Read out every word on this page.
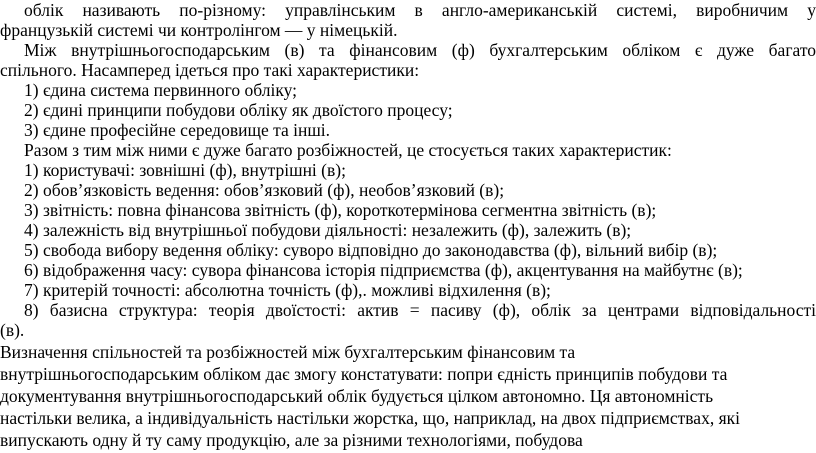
облік називають по-різному: управлінським в англо-американській системі, виробничим у
французькій системі чи контролінгом — у німецькій.
Між внутрішньогосподарським (в) та фінансовим (ф) бухгалтерським обліком є дуже багато
спільного. Насамперед ідеться про такі характеристики:
1) єдина система первинного обліку;
2) єдині принципи побудови обліку як двоїстого процесу;
3) єдине професійне середовище та інші.
Разом з тим між ними є дуже багато розбіжностей, це стосується таких характеристик:
1) користувачі: зовнішні (ф), внутрішні (в);
2) обов’язковість ведення: обов’язковий (ф), необов’язковий (в);
3) звітність: повна фінансова звітність (ф), короткотермінова сегментна звітність (в);
4) залежність від внутрішньої побудови діяльності: незалежить (ф), залежить (в);
5) свобода вибору ведення обліку: суворо відповідно до законодавства (ф), вільний вибір (в);
6) відображення часу: сувора фінансова історія підприємства (ф), акцентування на майбутнє (в);
7) критерій точності: абсолютна точність (ф),. можливі відхилення (в);
8) базисна структура: теорія двоїстості: актив = пасиву (ф), облік за центрами відповідальності
(в).
Визначення спільностей та розбіжностей між бухгалтерським фінансовим та
внутрішньогосподарським обліком дає змогу констатувати: попри єдність принципів побудови та
документування внутрішньогосподарський облік будується цілком автономно. Ця автономність
настільки велика, а індивідуальність настільки жорстка, що, наприклад, на двох підприємствах, які
випускають одну й ту саму продукцію, але за різними технологіями, побудова
